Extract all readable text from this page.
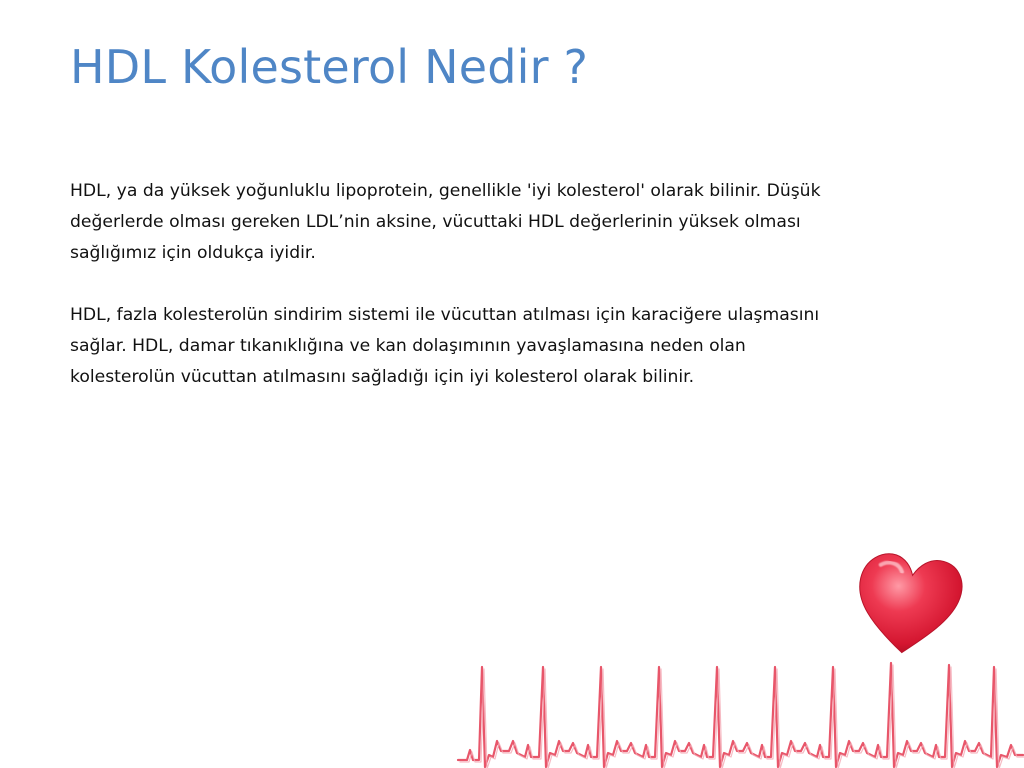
HDL Kolesterol Nedir ?

HDL, ya da yüksek yoğunluklu lipoprotein, genellikle 'iyi kolesterol' olarak bilinir. Düşük
değerlerde olması gereken LDL’nin aksine, vücuttaki HDL değerlerinin yüksek olması
sağlığımız için oldukça iyidir.

HDL, fazla kolesterolün sindirim sistemi ile vücuttan atılması için karaciğere ulaşmasını
sağlar. HDL, damar tıkanıklığına ve kan dolaşımının yavaşlamasına neden olan
kolesterolün vücuttan atılmasını sağladığı için iyi kolesterol olarak bilinir.
